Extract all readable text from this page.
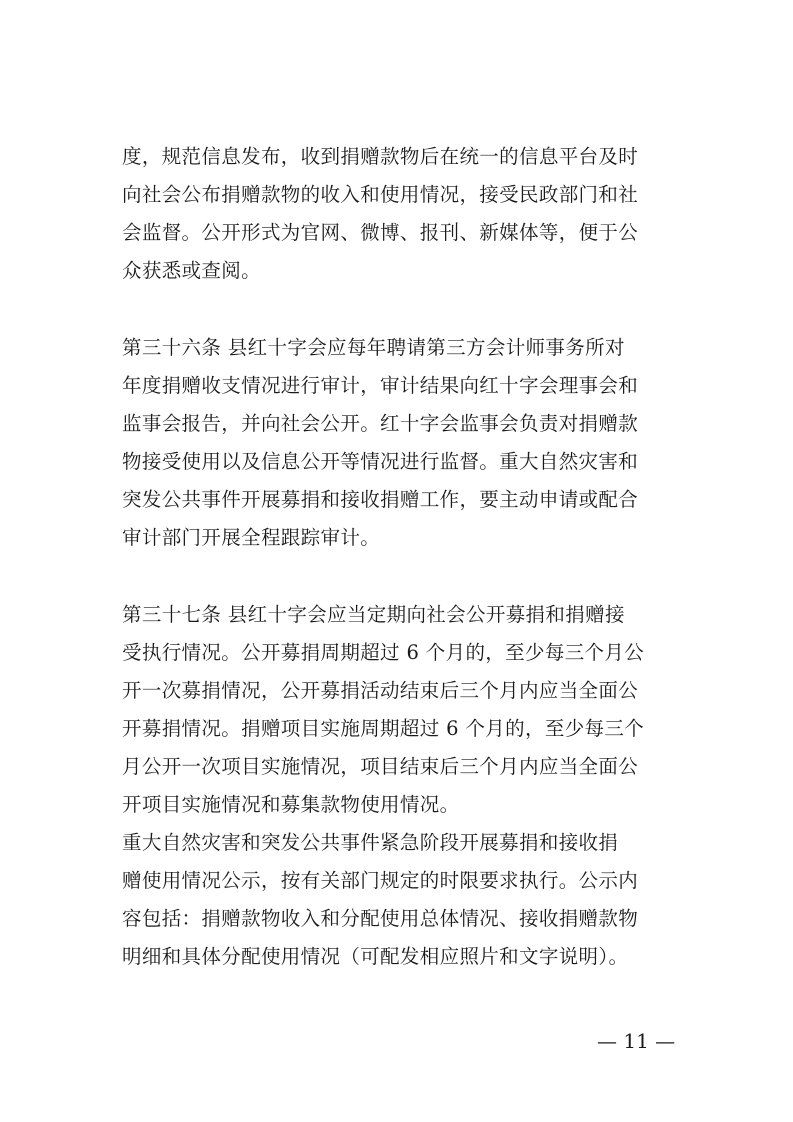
度，规范信息发布，收到捐赠款物后在统一的信息平台及时
向社会公布捐赠款物的收入和使用情况，接受民政部门和社
会监督。公开形式为官网、微博、报刊、新媒体等，便于公
众获悉或查阅。
第三十六条 县红十字会应每年聘请第三方会计师事务所对
年度捐赠收支情况进行审计，审计结果向红十字会理事会和
监事会报告，并向社会公开。红十字会监事会负责对捐赠款
物接受使用以及信息公开等情况进行监督。重大自然灾害和
突发公共事件开展募捐和接收捐赠工作，要主动申请或配合
审计部门开展全程跟踪审计。
第三十七条 县红十字会应当定期向社会公开募捐和捐赠接
受执行情况。公开募捐周期超过 6 个月的，至少每三个月公
开一次募捐情况，公开募捐活动结束后三个月内应当全面公
开募捐情况。捐赠项目实施周期超过 6 个月的，至少每三个
月公开一次项目实施情况，项目结束后三个月内应当全面公
开项目实施情况和募集款物使用情况。
重大自然灾害和突发公共事件紧急阶段开展募捐和接收捐
赠使用情况公示，按有关部门规定的时限要求执行。公示内
容包括：捐赠款物收入和分配使用总体情况、接收捐赠款物
明细和具体分配使用情况（可配发相应照片和文字说明）。
— 11 —
